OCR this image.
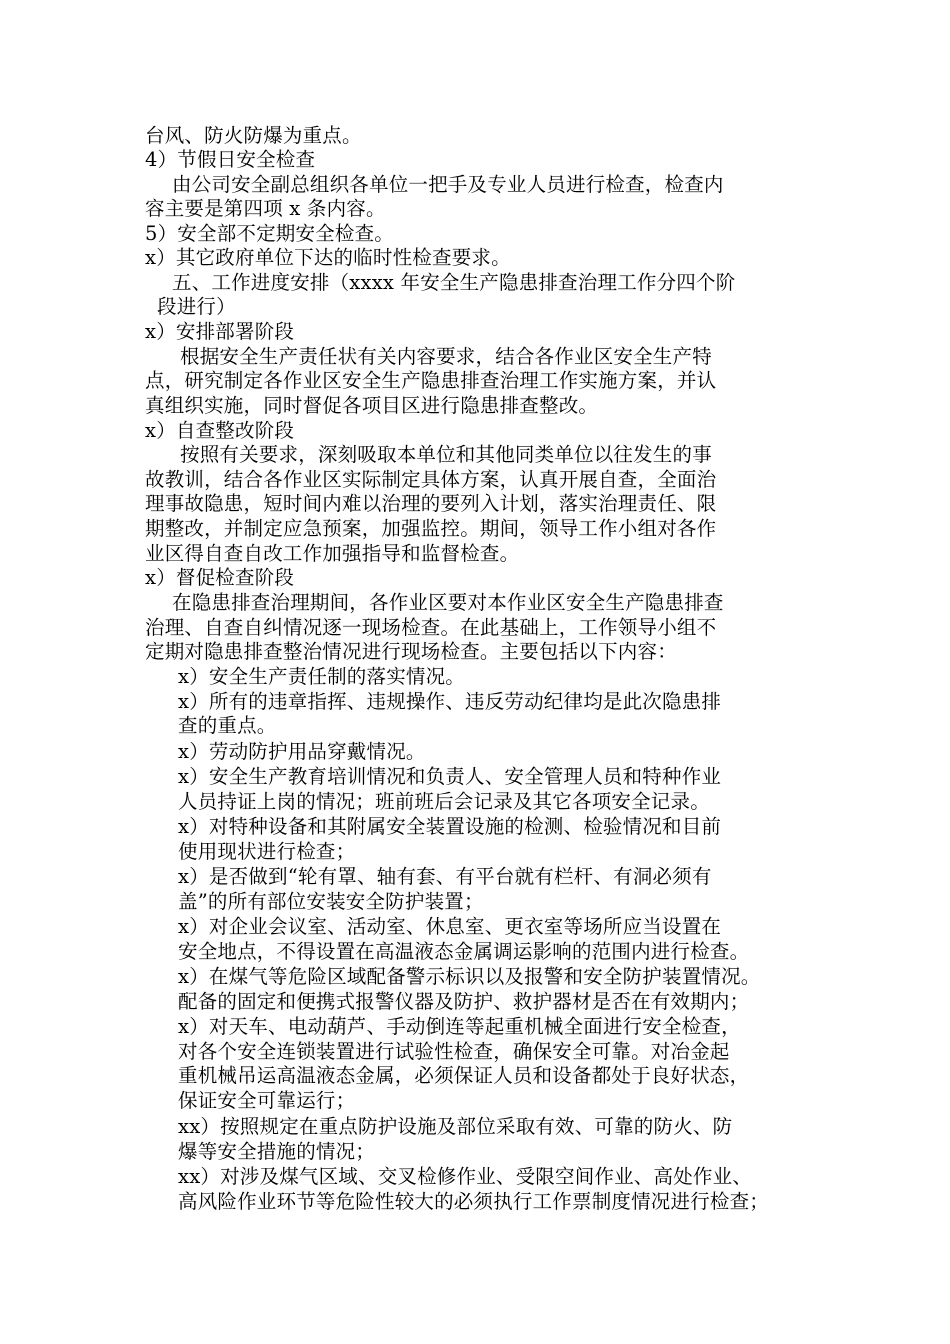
台风、防火防爆为重点。
4）节假日安全检查
由公司安全副总组织各单位一把手及专业人员进行检查，检查内
容主要是第四项 x 条内容。
5）安全部不定期安全检查。
x）其它政府单位下达的临时性检查要求。
五、工作进度安排（xxxx 年安全生产隐患排查治理工作分四个阶
段进行）
x）安排部署阶段
根据安全生产责任状有关内容要求，结合各作业区安全生产特
点，研究制定各作业区安全生产隐患排查治理工作实施方案，并认
真组织实施，同时督促各项目区进行隐患排查整改。
x）自查整改阶段
按照有关要求，深刻吸取本单位和其他同类单位以往发生的事
故教训，结合各作业区实际制定具体方案，认真开展自查，全面治
理事故隐患，短时间内难以治理的要列入计划，落实治理责任、限
期整改，并制定应急预案，加强监控。期间，领导工作小组对各作
业区得自查自改工作加强指导和监督检查。
x）督促检查阶段
在隐患排查治理期间，各作业区要对本作业区安全生产隐患排查
治理、自查自纠情况逐一现场检查。在此基础上，工作领导小组不
定期对隐患排查整治情况进行现场检查。主要包括以下内容：
x）安全生产责任制的落实情况。
x）所有的违章指挥、违规操作、违反劳动纪律均是此次隐患排
查的重点。
x）劳动防护用品穿戴情况。
x）安全生产教育培训情况和负责人、安全管理人员和特种作业
人员持证上岗的情况；班前班后会记录及其它各项安全记录。
x）对特种设备和其附属安全装置设施的检测、检验情况和目前
使用现状进行检查；
x）是否做到“轮有罩、轴有套、有平台就有栏杆、有洞必须有
盖”的所有部位安装安全防护装置；
x）对企业会议室、活动室、休息室、更衣室等场所应当设置在
安全地点，不得设置在高温液态金属调运影响的范围内进行检查。
x）在煤气等危险区域配备警示标识以及报警和安全防护装置情况。
配备的固定和便携式报警仪器及防护、救护器材是否在有效期内；
x）对天车、电动葫芦、手动倒连等起重机械全面进行安全检查，
对各个安全连锁装置进行试验性检查，确保安全可靠。对冶金起
重机械吊运高温液态金属，必须保证人员和设备都处于良好状态，
保证安全可靠运行；
xx）按照规定在重点防护设施及部位采取有效、可靠的防火、防
爆等安全措施的情况；
xx）对涉及煤气区域、交叉检修作业、受限空间作业、高处作业、
高风险作业环节等危险性较大的必须执行工作票制度情况进行检查；
